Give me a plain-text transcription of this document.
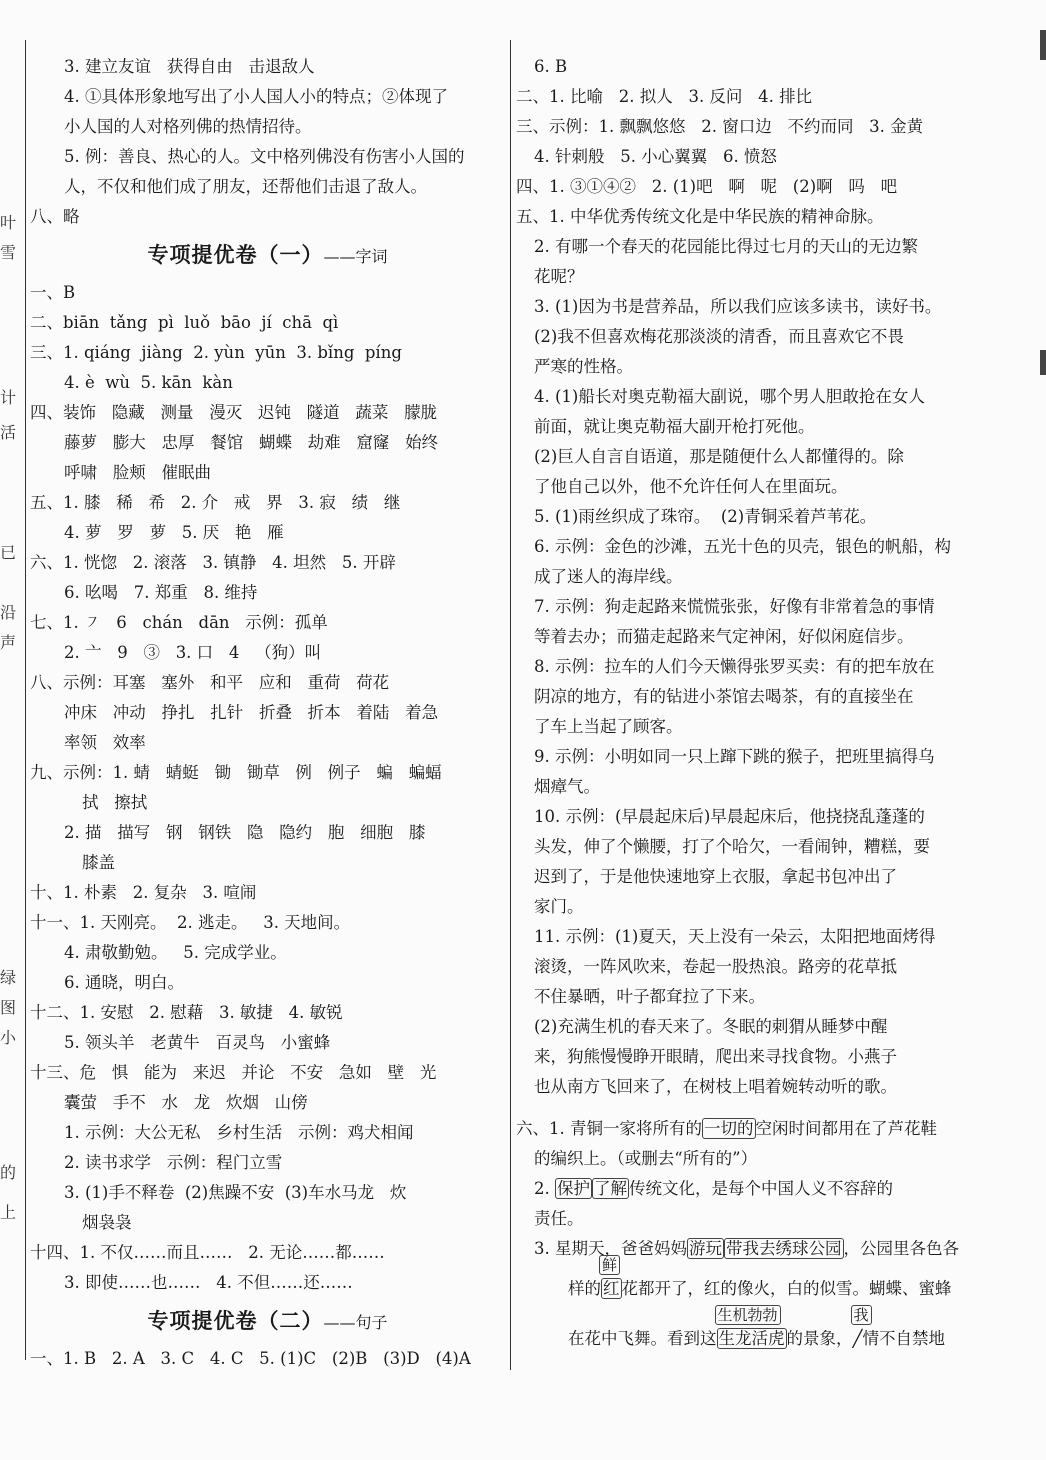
叶
雪
计
活
已
沿
声
绿
图
小
的
上
3. 建立友谊   获得自由   击退敌人
4. ①具体形象地写出了小人国人小的特点；②体现了
小人国的人对格列佛的热情招待。
5. 例：善良、热心的人。文中格列佛没有伤害小人国的
人，不仅和他们成了朋友，还帮他们击退了敌人。
八、略
专项提优卷（一）——字词
一、B
二、biān  tǎng  pì  luǒ  bāo  jí  chā  qì
三、1. qiáng  jiàng  2. yùn  yūn  3. bǐng  píng
4. è  wù  5. kān  kàn
四、装饰   隐藏   测量   漫灭   迟钝   隧道   蔬菜   朦胧
藤萝   膨大   忠厚   餐馆   蝴蝶   劫难   窟窿   始终
呼啸   脸颊   催眠曲
五、1. 膝   稀   希   2. 介   戒   界   3. 寂   绩   继
4. 萝   罗   萝   5. 厌   艳   雁
六、1. 恍惚   2. 滚落   3. 镇静   4. 坦然   5. 开辟
6. 吆喝   7. 郑重   8. 维持
七、1. ㇇   6   chán   dān   示例：孤单
2. 亠   9   ③   3. 口   4   （狗）叫
八、示例：耳塞   塞外   和平   应和   重荷   荷花
冲床   冲动   挣扎   扎针   折叠   折本   着陆   着急
率领   效率
九、示例：1. 蜻   蜻蜓   锄   锄草   例   例子   蝙   蝙蝠
拭   擦拭
2. 描   描写   钢   钢铁   隐   隐约   胞   细胞   膝
膝盖
十、1. 朴素   2. 复杂   3. 喧闹
十一、1. 天刚亮。  2. 逃走。   3. 天地间。
4. 肃敬勤勉。   5. 完成学业。
6. 通晓，明白。
十二、1. 安慰   2. 慰藉   3. 敏捷   4. 敏锐
5. 领头羊   老黄牛   百灵鸟   小蜜蜂
十三、危   惧   能为   来迟   并论   不安   急如   壁   光
囊萤   手不   水   龙   炊烟   山傍
1. 示例：大公无私   乡村生活   示例：鸡犬相闻
2. 读书求学   示例：程门立雪
3. (1)手不释卷  (2)焦躁不安  (3)车水马龙   炊
烟袅袅
十四、1. 不仅……而且……   2. 无论……都……
3. 即使……也……   4. 不但……还……
专项提优卷（二）——句子
一、1. B   2. A   3. C   4. C   5. (1)C   (2)B   (3)D   (4)A
6. B
二、1. 比喻   2. 拟人   3. 反问   4. 排比
三、示例：1. 飘飘悠悠   2. 窗口边   不约而同   3. 金黄
4. 针刺般   5. 小心翼翼   6. 愤怒
四、1. ③①④②   2. (1)吧   啊   呢   (2)啊   吗   吧
五、1. 中华优秀传统文化是中华民族的精神命脉。
2. 有哪一个春天的花园能比得过七月的天山的无边繁
花呢？
3. (1)因为书是营养品，所以我们应该多读书，读好书。
(2)我不但喜欢梅花那淡淡的清香，而且喜欢它不畏
严寒的性格。
4. (1)船长对奥克勒福大副说，哪个男人胆敢抢在女人
前面，就让奥克勒福大副开枪打死他。
(2)巨人自言自语道，那是随便什么人都懂得的。除
了他自己以外，他不允许任何人在里面玩。
5. (1)雨丝织成了珠帘。  (2)青铜采着芦苇花。
6. 示例：金色的沙滩，五光十色的贝壳，银色的帆船，构
成了迷人的海岸线。
7. 示例：狗走起路来慌慌张张，好像有非常着急的事情
等着去办；而猫走起路来气定神闲，好似闲庭信步。
8. 示例：拉车的人们今天懒得张罗买卖：有的把车放在
阴凉的地方，有的钻进小茶馆去喝茶，有的直接坐在
了车上当起了顾客。
9. 示例：小明如同一只上蹿下跳的猴子，把班里搞得乌
烟瘴气。
10. 示例：(早晨起床后)早晨起床后，他挠挠乱蓬蓬的
头发，伸了个懒腰，打了个哈欠，一看闹钟，糟糕，要
迟到了，于是他快速地穿上衣服，拿起书包冲出了
家门。
11. 示例：(1)夏天，天上没有一朵云，太阳把地面烤得
滚烫，一阵风吹来，卷起一股热浪。路旁的花草抵
不住暴晒，叶子都耷拉了下来。
(2)充满生机的春天来了。冬眠的刺猬从睡梦中醒
来，狗熊慢慢睁开眼睛，爬出来寻找食物。小燕子
也从南方飞回来了，在树枝上唱着婉转动听的歌。
六、1. 青铜一家将所有的 一切的 空闲时间都用在了芦花鞋
的编织上。（或删去“所有的”）
2. 保护 了解 传统文化，是每个中国人义不容辞的
责任。
3. 星期天，爸爸妈妈 游玩 带我去绣球公园 ，公园里各色各
样的 红
鲜
花都开了，红的像火，白的似雪。蝴蝶、蜜蜂
在花中飞舞。看到这 生龙活虎
生机勃勃
的景象，╱
我
情不自禁地
